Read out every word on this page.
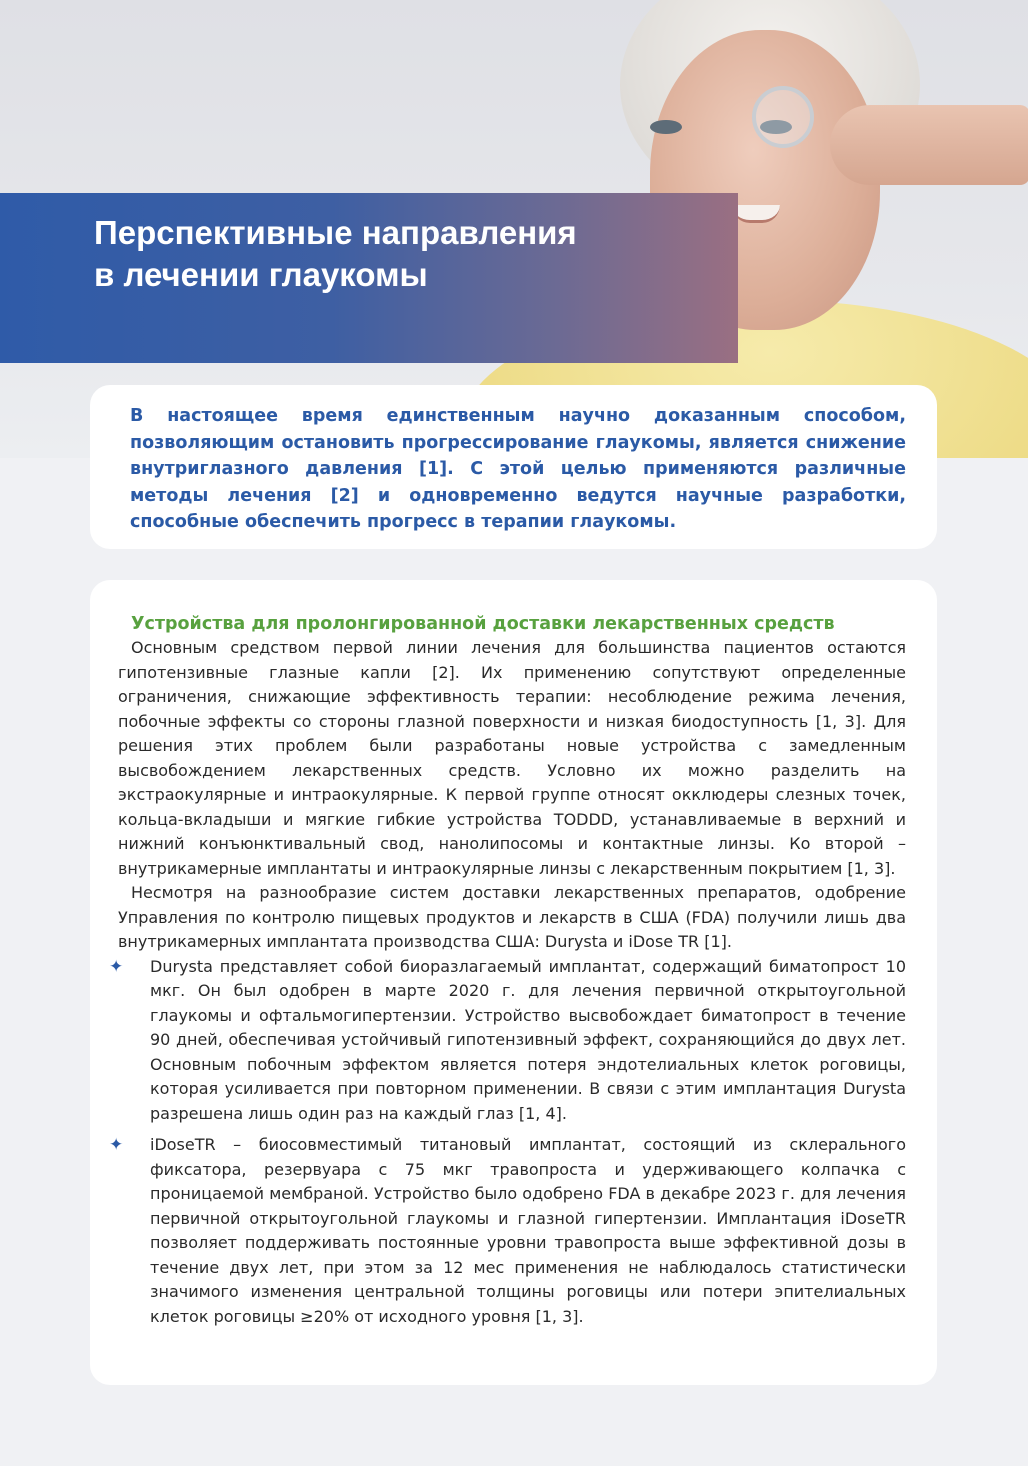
Перспективные направления
в лечении глаукомы

В настоящее время единственным научно доказанным способом, позволяющим остановить прогрессирование глаукомы, является снижение внутриглазного давления [1]. С этой целью применяются различные методы лечения [2] и одновременно ведутся научные разработки, способные обеспечить прогресс в терапии глаукомы.

Устройства для пролонгированной доставки лекарственных средств

Основным средством первой линии лечения для большинства пациентов остаются гипотензивные глазные капли [2]. Их применению сопутствуют определенные ограничения, снижающие эффективность терапии: несоблюдение режима лечения, побочные эффекты со стороны глазной поверхности и низкая биодоступность [1, 3]. Для решения этих проблем были разработаны новые устройства с замедленным высвобождением лекарственных средств. Условно их можно разделить на экстраокулярные и интраокулярные. К первой группе относят окклюдеры слезных точек, кольца-вкладыши и мягкие гибкие устройства TODDD, устанавливаемые в верхний и нижний конъюнктивальный свод, нанолипосомы и контактные линзы. Ко второй – внутрикамерные имплантаты и интраокулярные линзы с лекарственным покрытием [1, 3].

Несмотря на разнообразие систем доставки лекарственных препаратов, одобрение Управления по контролю пищевых продуктов и лекарств в США (FDA) получили лишь два внутрикамерных имплантата производства США: Durysta и iDose TR [1].

✦ Durysta представляет собой биоразлагаемый имплантат, содержащий биматопрост 10 мкг. Он был одобрен в марте 2020 г. для лечения первичной открытоугольной глаукомы и офтальмогипертензии. Устройство высвобождает биматопрост в течение 90 дней, обеспечивая устойчивый гипотензивный эффект, сохраняющийся до двух лет. Основным побочным эффектом является потеря эндотелиальных клеток роговицы, которая усиливается при повторном применении. В связи с этим имплантация Durysta разрешена лишь один раз на каждый глаз [1, 4].
✦ iDoseTR – биосовместимый титановый имплантат, состоящий из склерального фиксатора, резервуара с 75 мкг травопроста и удерживающего колпачка с проницаемой мембраной. Устройство было одобрено FDA в декабре 2023 г. для лечения первичной открытоугольной глаукомы и глазной гипертензии. Имплантация iDoseTR позволяет поддерживать постоянные уровни травопроста выше эффективной дозы в течение двух лет, при этом за 12 мес применения не наблюдалось статистически значимого изменения центральной толщины роговицы или потери эпителиальных клеток роговицы ≥20% от исходного уровня [1, 3].
